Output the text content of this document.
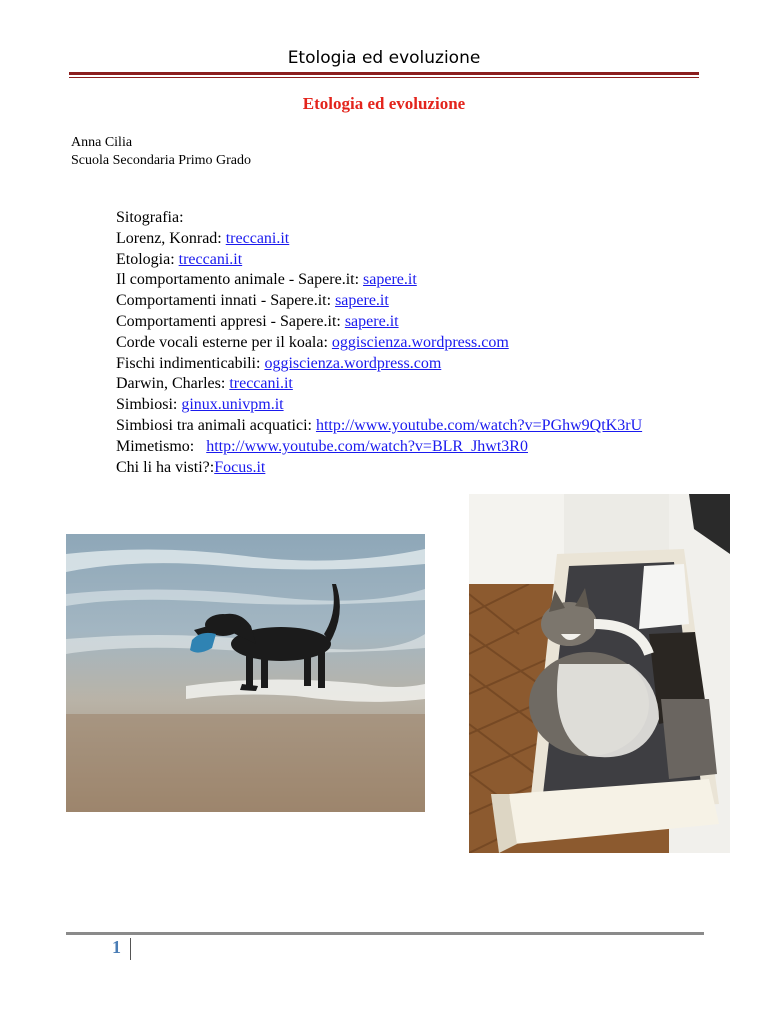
Etologia ed evoluzione
Etologia ed evoluzione
Anna Cilia
Scuola Secondaria Primo Grado
Sitografia:
Lorenz, Konrad: treccani.it
Etologia: treccani.it
Il comportamento animale - Sapere.it: sapere.it
Comportamenti innati - Sapere.it: sapere.it
Comportamenti appresi - Sapere.it: sapere.it
Corde vocali esterne per il koala: oggiscienza.wordpress.com
Fischi indimenticabili: oggiscienza.wordpress.com
Darwin, Charles: treccani.it
Simbiosi: ginux.univpm.it
Simbiosi tra animali acquatici: http://www.youtube.com/watch?v=PGhw9QtK3rU
Mimetismo:   http://www.youtube.com/watch?v=BLR_Jhwt3R0
Chi li ha visti?:Focus.it
1
